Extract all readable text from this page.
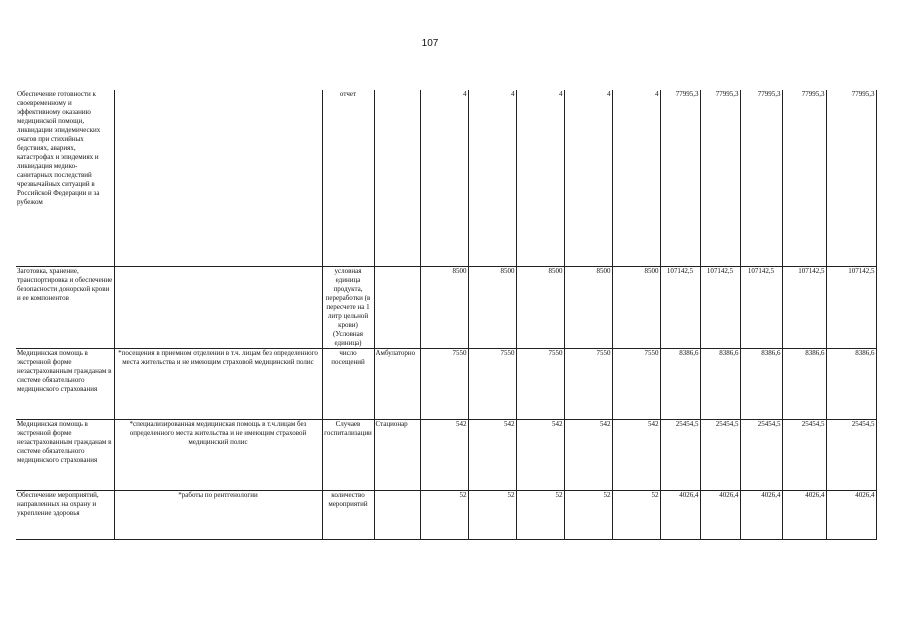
107
Обеспечение готовности к своевременному и эффективному оказанию медицинской помощи, ликвидации эпидемических очагов при стихийных бедствиях, авариях, катастрофах и эпидемиях и ликвидация медико-санитарных последствий чрезвычайных ситуаций в Российской Федерации и за рубежом		отчет		4	4	4	4	4	77995,3	77995,3	77995,3	77995,3	77995,3
Заготовка, хранение, транспортировка и обеспечение безопасности донорской крови и ее компонентов		условная единица продукта, переработки (в пересчете на 1 литр цельной крови) (Условная единица)		8500	8500	8500	8500	8500	107142,5	107142,5	107142,5	107142,5	107142,5
Медицинская помощь в экстренной форме незастрахованным гражданам в системе обязательного медицинского страхования	*посещения в приемном отделении в т.ч. лицам без определенного места жительства и не имеющим страховой медицинский полис	число посещений	Амбулаторно	7550	7550	7550	7550	7550	8386,6	8386,6	8386,6	8386,6	8386,6
Медицинская помощь в экстренной форме незастрахованным гражданам в системе обязательного медицинского страхования	*специализированная медицинская помощь в т.ч.лицам без определенного места жительства и не имеющим страховой медицинский полис	Случаев госпитализации	Стационар	542	542	542	542	542	25454,5	25454,5	25454,5	25454,5	25454,5
Обеспечение мероприятий, направленных на охрану и укрепление здоровья	*работы по рентгенологии	количество мероприятий		52	52	52	52	52	4026,4	4026,4	4026,4	4026,4	4026,4
